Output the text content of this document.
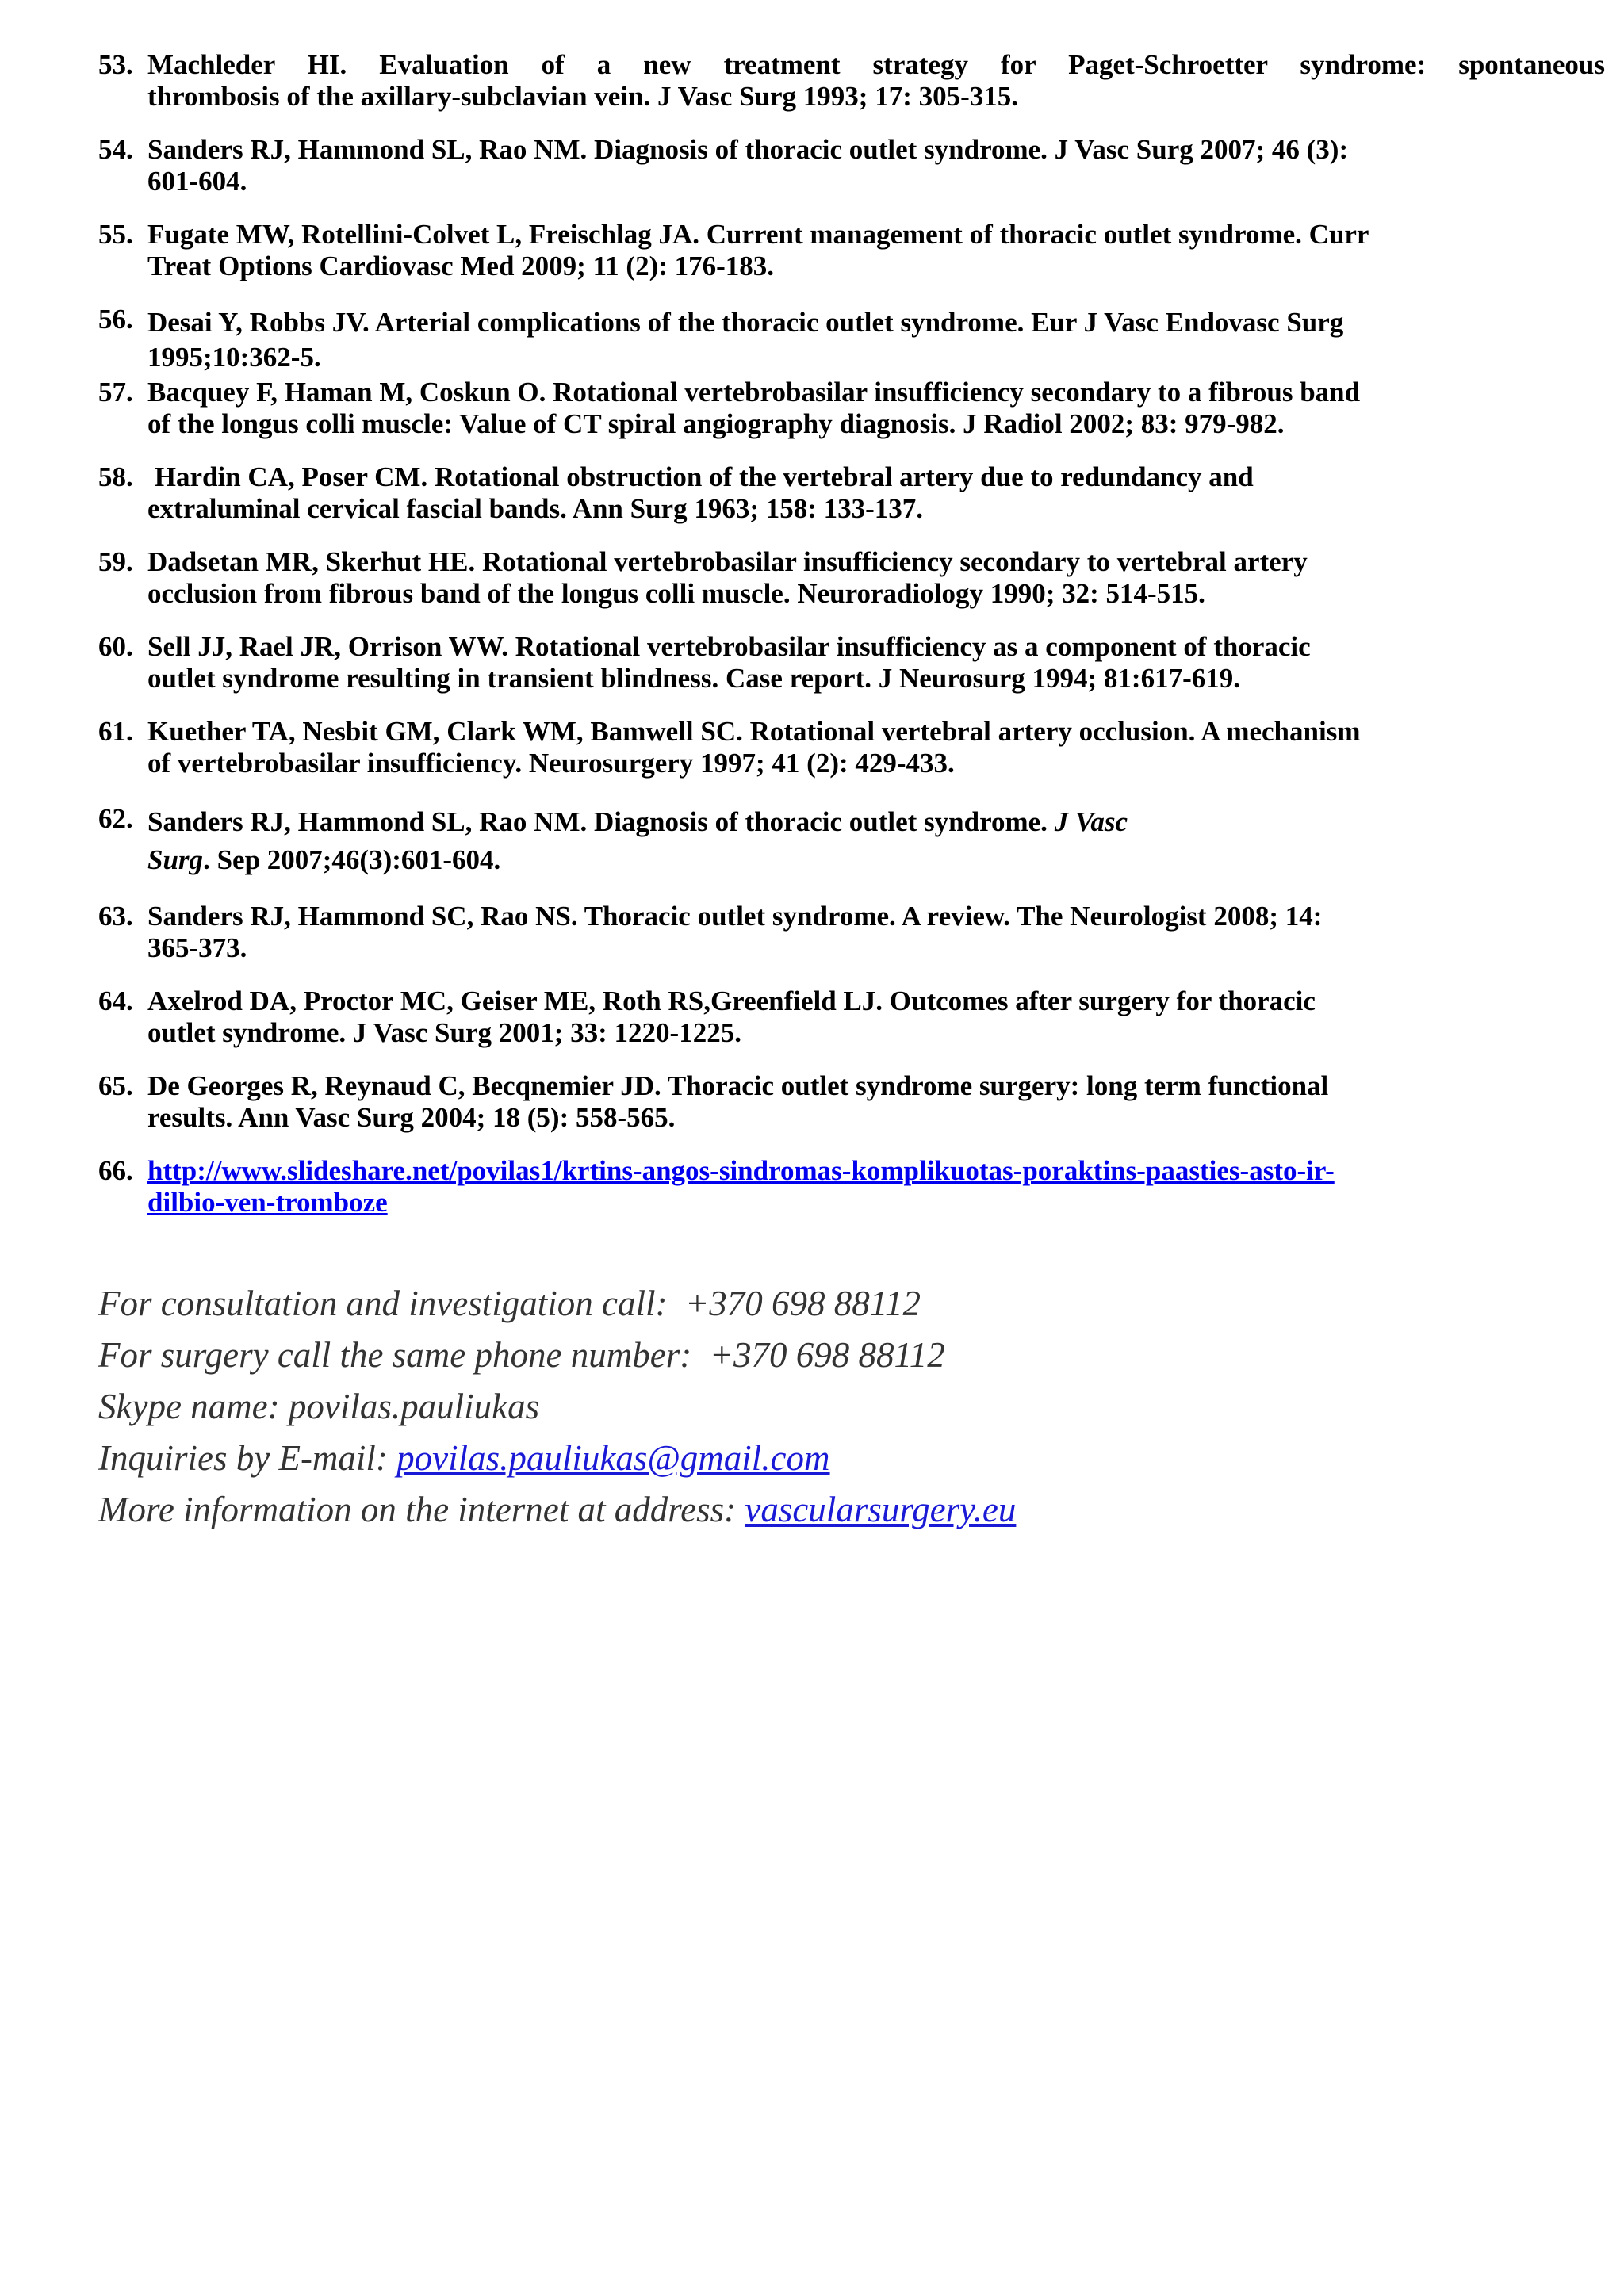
53. Machleder HI. Evaluation of a new treatment strategy for Paget-Schroetter syndrome: spontaneous
thrombosis of the axillary-subclavian vein. J Vasc Surg 1993; 17: 305-315.
54. Sanders RJ, Hammond SL, Rao NM. Diagnosis of thoracic outlet syndrome. J Vasc Surg 2007; 46 (3):
601-604.
55. Fugate MW, Rotellini-Colvet L, Freischlag JA. Current management of thoracic outlet syndrome. Curr
Treat Options Cardiovasc Med 2009; 11 (2): 176-183.
56. Desai Y, Robbs JV. Arterial complications of the thoracic outlet syndrome. Eur J Vasc Endovasc Surg
1995;10:362-5.
57. Bacquey F, Haman M, Coskun O. Rotational vertebrobasilar insufficiency secondary to a fibrous band
of the longus colli muscle: Value of CT spiral angiography diagnosis. J Radiol 2002; 83: 979-982.
58. Hardin CA, Poser CM. Rotational obstruction of the vertebral artery due to redundancy and
extraluminal cervical fascial bands. Ann Surg 1963; 158: 133-137.
59. Dadsetan MR, Skerhut HE. Rotational vertebrobasilar insufficiency secondary to vertebral artery
occlusion from fibrous band of the longus colli muscle. Neuroradiology 1990; 32: 514-515.
60. Sell JJ, Rael JR, Orrison WW. Rotational vertebrobasilar insufficiency as a component of thoracic
outlet syndrome resulting in transient blindness. Case report. J Neurosurg 1994; 81:617-619.
61. Kuether TA, Nesbit GM, Clark WM, Bamwell SC. Rotational vertebral artery occlusion. A mechanism
of vertebrobasilar insufficiency. Neurosurgery 1997; 41 (2): 429-433.
62. Sanders RJ, Hammond SL, Rao NM. Diagnosis of thoracic outlet syndrome. J Vasc
Surg. Sep 2007;46(3):601-604.
63. Sanders RJ, Hammond SC, Rao NS. Thoracic outlet syndrome. A review. The Neurologist 2008; 14:
365-373.
64. Axelrod DA, Proctor MC, Geiser ME, Roth RS,Greenfield LJ. Outcomes after surgery for thoracic
outlet syndrome. J Vasc Surg 2001; 33: 1220-1225.
65. De Georges R, Reynaud C, Becqnemier JD. Thoracic outlet syndrome surgery: long term functional
results. Ann Vasc Surg 2004; 18 (5): 558-565.
66. http://www.slideshare.net/povilas1/krtins-angos-sindromas-komplikuotas-poraktins-paasties-asto-ir-
dilbio-ven-tromboze
For consultation and investigation call:  +370 698 88112
For surgery call the same phone number:  +370 698 88112
Skype name: povilas.pauliukas
Inquiries by E-mail: povilas.pauliukas@gmail.com
More information on the internet at address: vascularsurgery.eu
